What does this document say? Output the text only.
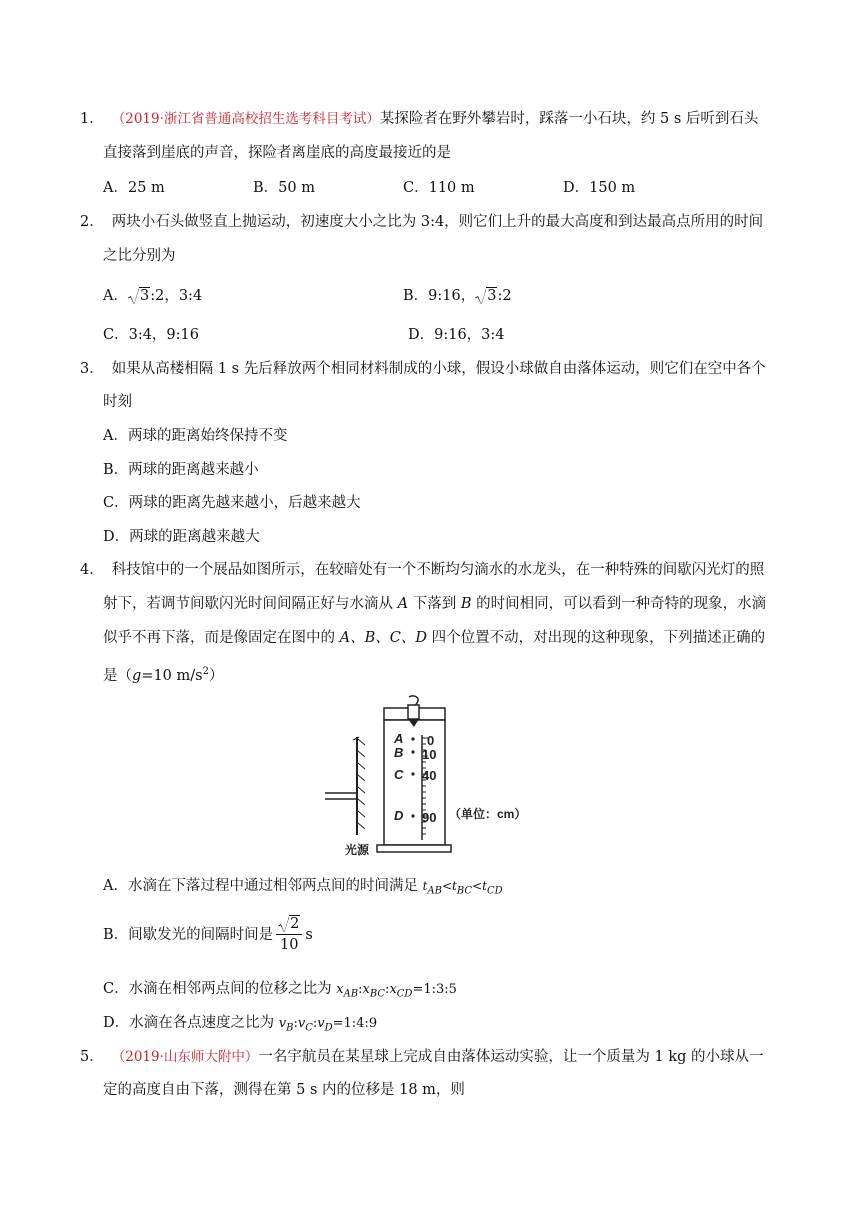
1． （2019·浙江省普通高校招生选考科目考试）某探险者在野外攀岩时，踩落一小石块，约 5 s 后听到石头
直接落到崖底的声音，探险者离崖底的高度最接近的是
A．25 m	B．50 m	C．110 m	D．150 m
2． 两块小石头做竖直上抛运动，初速度大小之比为 3:4，则它们上升的最大高度和到达最高点所用的时间
之比分别为
A． 3:2，3:4	B．9:16， 3:2
C．3:4，9:16	D．9:16，3:4
3． 如果从高楼相隔 1 s 先后释放两个相同材料制成的小球，假设小球做自由落体运动，则它们在空中各个
时刻
A．两球的距离始终保持不变
B．两球的距离越来越小
C．两球的距离先越来越小，后越来越大
D．两球的距离越来越大
4． 科技馆中的一个展品如图所示，在较暗处有一个不断均匀滴水的水龙头，在一种特殊的间歇闪光灯的照
射下，若调节间歇闪光时间间隔正好与水滴从 A 下落到 B 的时间相同，可以看到一种奇特的现象，水滴
似乎不再下落，而是像固定在图中的 A、B、C、D 四个位置不动，对出现的这种现象，下列描述正确的
是（g=10 $m/s^2$）
A
B
C
D
0
10
40
90 （单位：cm）
光源
A．水滴在下落过程中通过相邻两点间的时间满足 $t_{AB}<t_{BC}<t_{CD}$
B．间歇发光的间隔时间是 $\frac{2}{10}$ s
C．水滴在相邻两点间的位移之比为 $x_{AB}:x_{BC}:x_{CD}=1:3:5$
D．水滴在各点速度之比为 $v_B:v_C:v_D=1:4:9$
5． （2019·山东师大附中）一名宇航员在某星球上完成自由落体运动实验，让一个质量为 1 kg 的小球从一
定的高度自由下落，测得在第 5 s 内的位移是 18 m，则
